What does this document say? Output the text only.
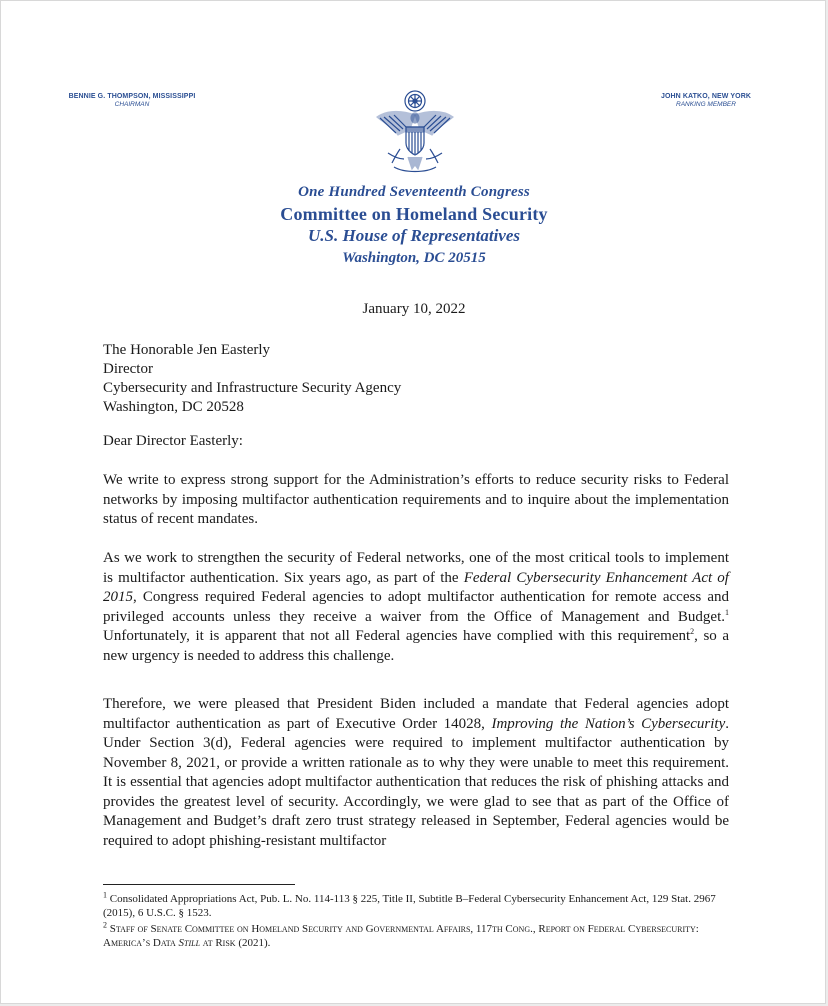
BENNIE G. THOMPSON, MISSISSIPPI
CHAIRMAN
JOHN KATKO, NEW YORK
RANKING MEMBER
One Hundred Seventeenth Congress
Committee on Homeland Security
U.S. House of Representatives
Washington, DC 20515
January 10, 2022
The Honorable Jen Easterly
Director
Cybersecurity and Infrastructure Security Agency
Washington, DC 20528
Dear Director Easterly:
We write to express strong support for the Administration’s efforts to reduce security risks to Federal networks by imposing multifactor authentication requirements and to inquire about the implementation status of recent mandates.
As we work to strengthen the security of Federal networks, one of the most critical tools to implement is multifactor authentication. Six years ago, as part of the Federal Cybersecurity Enhancement Act of 2015, Congress required Federal agencies to adopt multifactor authentication for remote access and privileged accounts unless they receive a waiver from the Office of Management and Budget.$^1$ Unfortunately, it is apparent that not all Federal agencies have complied with this requirement$^2$, so a new urgency is needed to address this challenge.
Therefore, we were pleased that President Biden included a mandate that Federal agencies adopt multifactor authentication as part of Executive Order 14028, Improving the Nation’s Cybersecurity. Under Section 3(d), Federal agencies were required to implement multifactor authentication by November 8, 2021, or provide a written rationale as to why they were unable to meet this requirement. It is essential that agencies adopt multifactor authentication that reduces the risk of phishing attacks and provides the greatest level of security. Accordingly, we were glad to see that as part of the Office of Management and Budget’s draft zero trust strategy released in September, Federal agencies would be required to adopt phishing-resistant multifactor
$^1$ Consolidated Appropriations Act, Pub. L. No. 114-113 § 225, Title II, Subtitle B–Federal Cybersecurity Enhancement Act, 129 Stat. 2967 (2015), 6 U.S.C. § 1523.
$^2$ Staff of Senate Committee on Homeland Security and Governmental Affairs, 117th Cong., Report on Federal Cybersecurity: America’s Data Still at Risk (2021).
